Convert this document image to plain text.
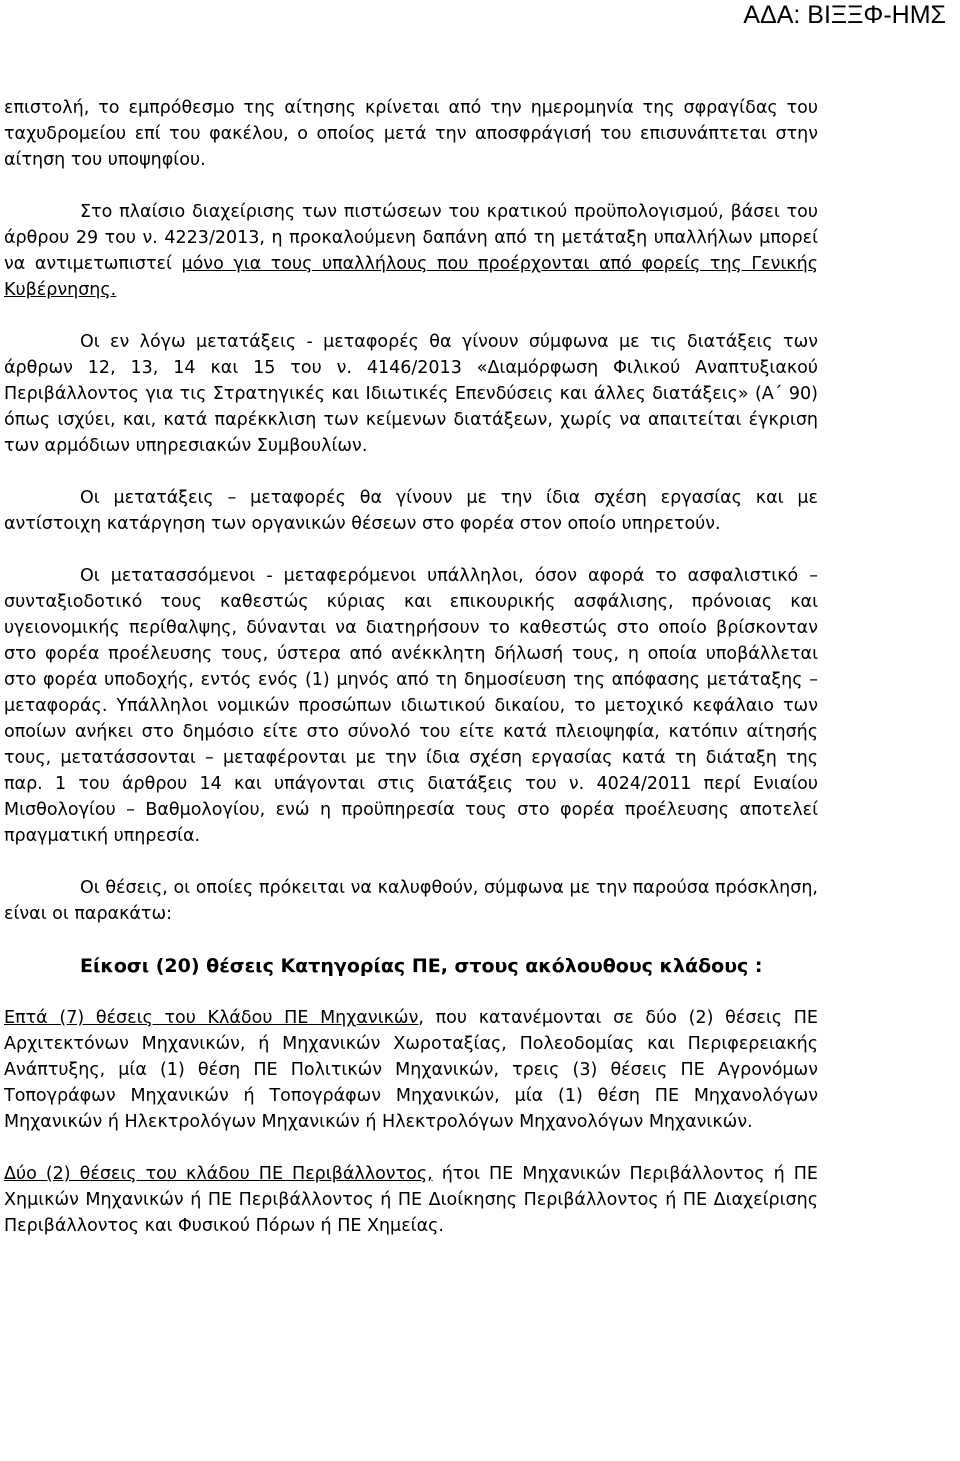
ΑΔΑ: ΒΙΞΞΦ-ΗΜΣ

επιστολή, το εμπρόθεσμο της αίτησης κρίνεται από την ημερομηνία της σφραγίδας του ταχυδρομείου επί του φακέλου, ο οποίος μετά την αποσφράγισή του επισυνάπτεται στην αίτηση του υποψηφίου.

Στο πλαίσιο διαχείρισης των πιστώσεων του κρατικού προϋπολογισμού, βάσει του άρθρου 29 του ν. 4223/2013, η προκαλούμενη δαπάνη από τη μετάταξη υπαλλήλων μπορεί να αντιμετωπιστεί μόνο για τους υπαλλήλους που προέρχονται από φορείς της Γενικής Κυβέρνησης.

Οι εν λόγω μετατάξεις - μεταφορές θα γίνουν σύμφωνα με τις διατάξεις των άρθρων 12, 13, 14 και 15 του ν. 4146/2013 «Διαμόρφωση Φιλικού Αναπτυξιακού Περιβάλλοντος για τις Στρατηγικές και Ιδιωτικές Επενδύσεις και άλλες διατάξεις» (Α΄ 90) όπως ισχύει, και, κατά παρέκκλιση των κείμενων διατάξεων, χωρίς να απαιτείται έγκριση των αρμόδιων υπηρεσιακών Συμβουλίων.

Οι μετατάξεις – μεταφορές θα γίνουν με την ίδια σχέση εργασίας και με αντίστοιχη κατάργηση των οργανικών θέσεων στο φορέα στον οποίο υπηρετούν.

Οι μετατασσόμενοι - μεταφερόμενοι υπάλληλοι, όσον αφορά το ασφαλιστικό – συνταξιοδοτικό τους καθεστώς κύριας και επικουρικής ασφάλισης, πρόνοιας και υγειονομικής περίθαλψης, δύνανται να διατηρήσουν το καθεστώς στο οποίο βρίσκονταν στο φορέα προέλευσης τους, ύστερα από ανέκκλητη δήλωσή τους, η οποία υποβάλλεται στο φορέα υποδοχής, εντός ενός (1) μηνός από τη δημοσίευση της απόφασης μετάταξης – μεταφοράς. Υπάλληλοι νομικών προσώπων ιδιωτικού δικαίου, το μετοχικό κεφάλαιο των οποίων ανήκει στο δημόσιο είτε στο σύνολό του είτε κατά πλειοψηφία, κατόπιν αίτησής τους, μετατάσσονται – μεταφέρονται με την ίδια σχέση εργασίας κατά τη διάταξη της παρ. 1 του άρθρου 14 και υπάγονται στις διατάξεις του ν. 4024/2011 περί Ενιαίου Μισθολογίου – Βαθμολογίου, ενώ η προϋπηρεσία τους στο φορέα προέλευσης αποτελεί πραγματική υπηρεσία.

Οι θέσεις, οι οποίες πρόκειται να καλυφθούν, σύμφωνα με την παρούσα πρόσκληση, είναι οι παρακάτω:

Είκοσι (20) θέσεις Κατηγορίας ΠΕ, στους ακόλουθους κλάδους :

Επτά (7) θέσεις του Κλάδου ΠΕ Μηχανικών, που κατανέμονται σε δύο (2) θέσεις ΠΕ Αρχιτεκτόνων Μηχανικών, ή Μηχανικών Χωροταξίας, Πολεοδομίας και Περιφερειακής Ανάπτυξης, μία (1) θέση ΠΕ Πολιτικών Μηχανικών, τρεις (3) θέσεις ΠΕ Αγρονόμων Τοπογράφων Μηχανικών ή Τοπογράφων Μηχανικών, μία (1) θέση ΠΕ Μηχανολόγων Μηχανικών ή Ηλεκτρολόγων Μηχανικών ή Ηλεκτρολόγων Μηχανολόγων Μηχανικών.

Δύο (2) θέσεις του κλάδου ΠΕ Περιβάλλοντος, ήτοι ΠΕ Μηχανικών Περιβάλλοντος ή ΠΕ Χημικών Μηχανικών ή ΠΕ Περιβάλλοντος ή ΠΕ Διοίκησης Περιβάλλοντος ή ΠΕ Διαχείρισης Περιβάλλοντος και Φυσικού Πόρων ή ΠΕ Χημείας.
